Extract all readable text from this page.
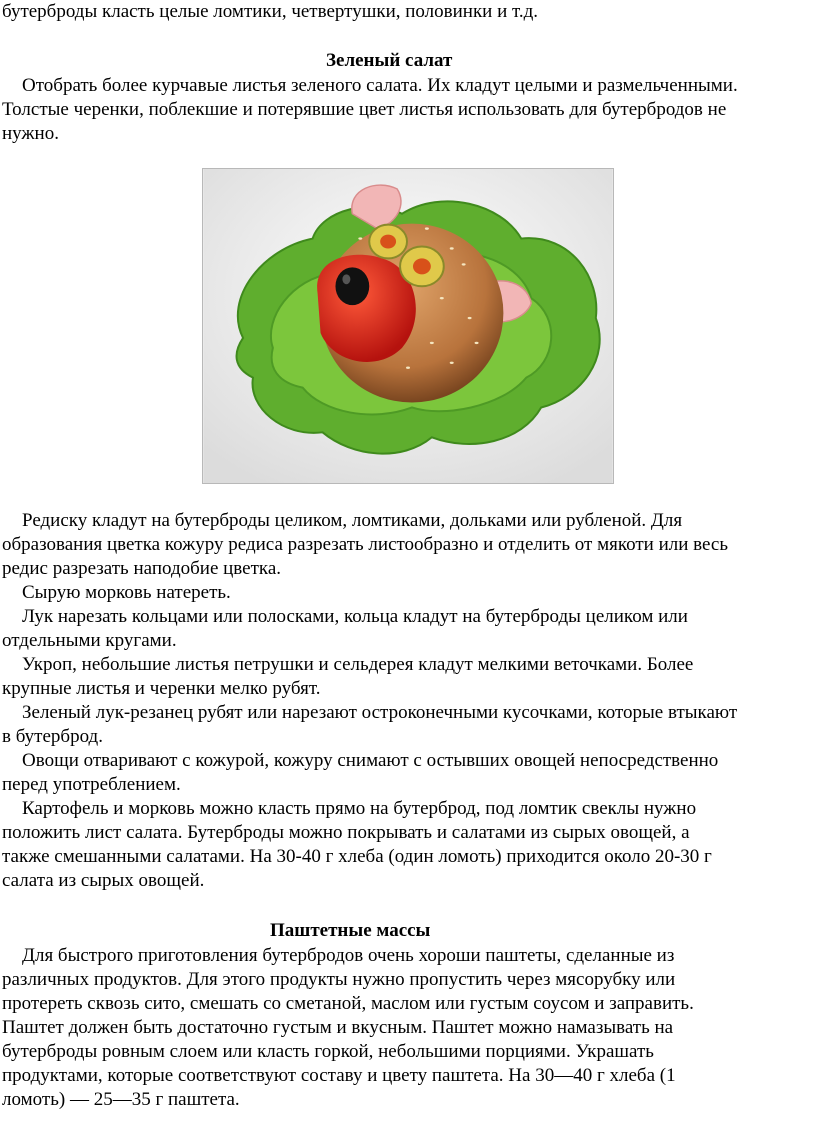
бутерброды класть целые ломтики, четвертушки, половинки и т.д.
Зеленый салат
Отобрать более курчавые листья зеленого салата. Их кладут целыми и размельченными.
Толстые черенки, поблекшие и потерявшие цвет листья использовать для бутербродов не
нужно.
Редиску кладут на бутерброды целиком, ломтиками, дольками или рубленой. Для
образования цветка кожуру редиса разрезать листообразно и отделить от мякоти или весь
редис разрезать наподобие цветка.
Сырую морковь натереть.
Лук нарезать кольцами или полосками, кольца кладут на бутерброды целиком или
отдельными кругами.
Укроп, небольшие листья петрушки и сельдерея кладут мелкими веточками. Более
крупные листья и черенки мелко рубят.
Зеленый лук-резанец рубят или нарезают остроконечными кусочками, которые втыкают
в бутерброд.
Овощи отваривают с кожурой, кожуру снимают с остывших овощей непосредственно
перед употреблением.
Картофель и морковь можно класть прямо на бутерброд, под ломтик свеклы нужно
положить лист салата. Бутерброды можно покрывать и салатами из сырых овощей, а
также смешанными салатами. На 30-40 г хлеба (один ломоть) приходится около 20-30 г
салата из сырых овощей.
Паштетные массы
Для быстрого приготовления бутербродов очень хороши паштеты, сделанные из
различных продуктов. Для этого продукты нужно пропустить через мясорубку или
протереть сквозь сито, смешать со сметаной, маслом или густым соусом и заправить.
Паштет должен быть достаточно густым и вкусным. Паштет можно намазывать на
бутерброды ровным слоем или класть горкой, небольшими порциями. Украшать
продуктами, которые соответствуют составу и цвету паштета. На 30—40 г хлеба (1
ломоть) — 25—35 г паштета.
